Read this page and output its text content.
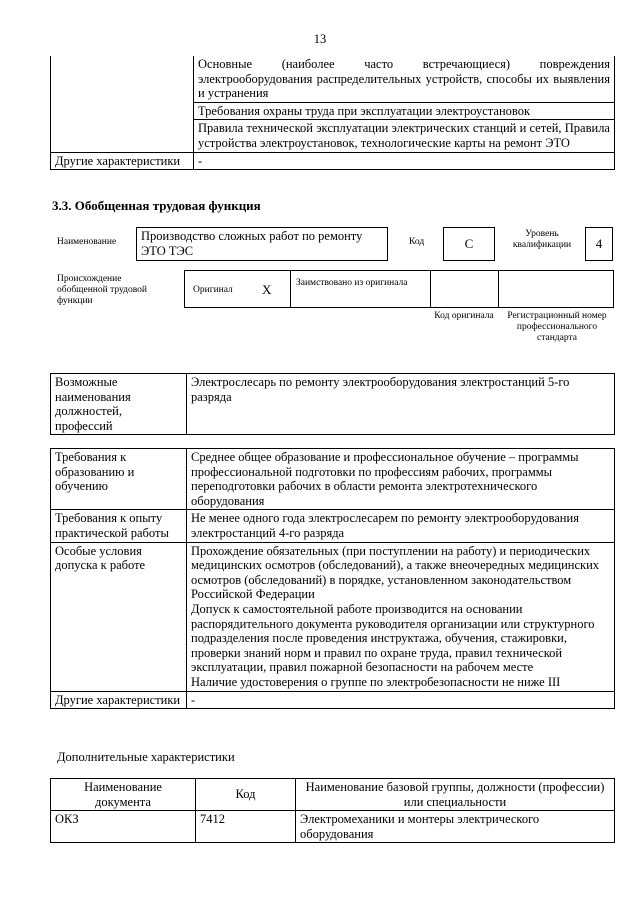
13
	Основные (наиболее часто встречающиеся) повреждения электрооборудования распределительных устройств, способы их выявления и устранения
	Требования охраны труда при эксплуатации электроустановок
	Правила технической эксплуатации электрических станций и сетей, Правила устройства электроустановок, технологические карты на ремонт ЭТО
Другие характеристики	-
3.3. Обобщенная трудовая функция
Наименование	Производство сложных работ по ремонту ЭТО ТЭС
Код	C
Уровень квалификации	4
Происхождение обобщенной трудовой функции
Оригинал X	Заимствовано из оригинала
Код оригинала	Регистрационный номер профессионального стандарта
Возможные наименования должностей, профессий	Электрослесарь по ремонту электрооборудования электростанций 5-го разряда
Требования к образованию и обучению	Среднее общее образование и профессиональное обучение – программы профессиональной подготовки по профессиям рабочих, программы переподготовки рабочих в области ремонта электротехнического оборудования
Требования к опыту практической работы	Не менее одного года электрослесарем по ремонту электрооборудования электростанций 4-го разряда
Особые условия допуска к работе	Прохождение обязательных (при поступлении на работу) и периодических медицинских осмотров (обследований), а также внеочередных медицинских осмотров (обследований) в порядке, установленном законодательством Российской Федерации
Допуск к самостоятельной работе производится на основании распорядительного документа руководителя организации или структурного подразделения после проведения инструктажа, обучения, стажировки, проверки знаний норм и правил по охране труда, правил технической эксплуатации, правил пожарной безопасности на рабочем месте
Наличие удостоверения о группе по электробезопасности не ниже III

Другие характеристики	-
Дополнительные характеристики
Наименование документа	Код	Наименование базовой группы, должности (профессии) или специальности
ОКЗ	7412	Электромеханики и монтеры электрического оборудования
